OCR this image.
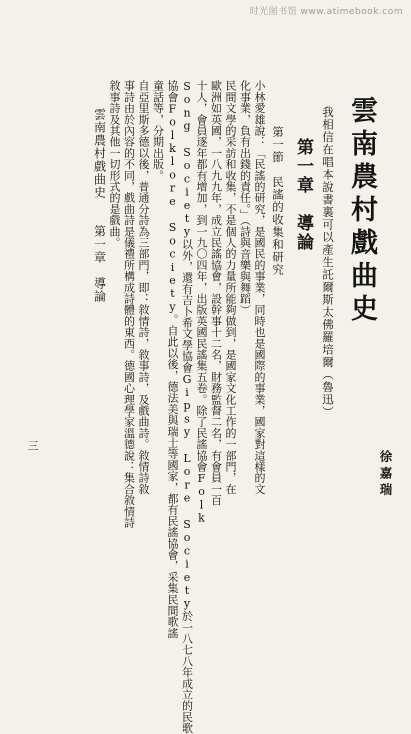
时光图书馆 www.atimebook.com
徐嘉瑞
雲南農村戲曲史
我相信在唱本說書裏可以產生託爾斯太佛羅培爾（魯迅）
第一章　導論
第一節　民謠的收集和研究
小林愛雄說：「民謠的研究，是國民的事業，同時也是國際的事業，國家對這樣的文
化事業，負有出錢的責任。」（詩與音樂與舞蹈）
民間文學的采訪和收集，不是個人的力量所能夠做到，是國家文化工作的一部門，在
歐洲如英國，一八九九年，成立民謠協會，設幹事十二名，財務監督二名，有會員一百
十人，會員逐年都有增加，到一九〇四年，出版英國民謠集五卷。除了民謠協會Folk
Song Society以外，還有吉卜希文學協會Gipsy Lore Society於一八七八年成立的民歌
協會Folklore Society。自此以後，德法美與瑞士等國家，都有民謠協會，采集民間歌謠
童話等，分期出版。
自亞里斯多德以後，普通分詩為三部門，即：敘情詩，敘事詩，及戲曲詩。敘情詩敘
事詩由於內容的不同，戲曲詩是儀禮所構成詩體的東西。德國心理學家溫德說：集合敘情詩
敘事詩及其他一切形式的是戲曲。
雲南農村戲曲史　　第一章　導論
三
